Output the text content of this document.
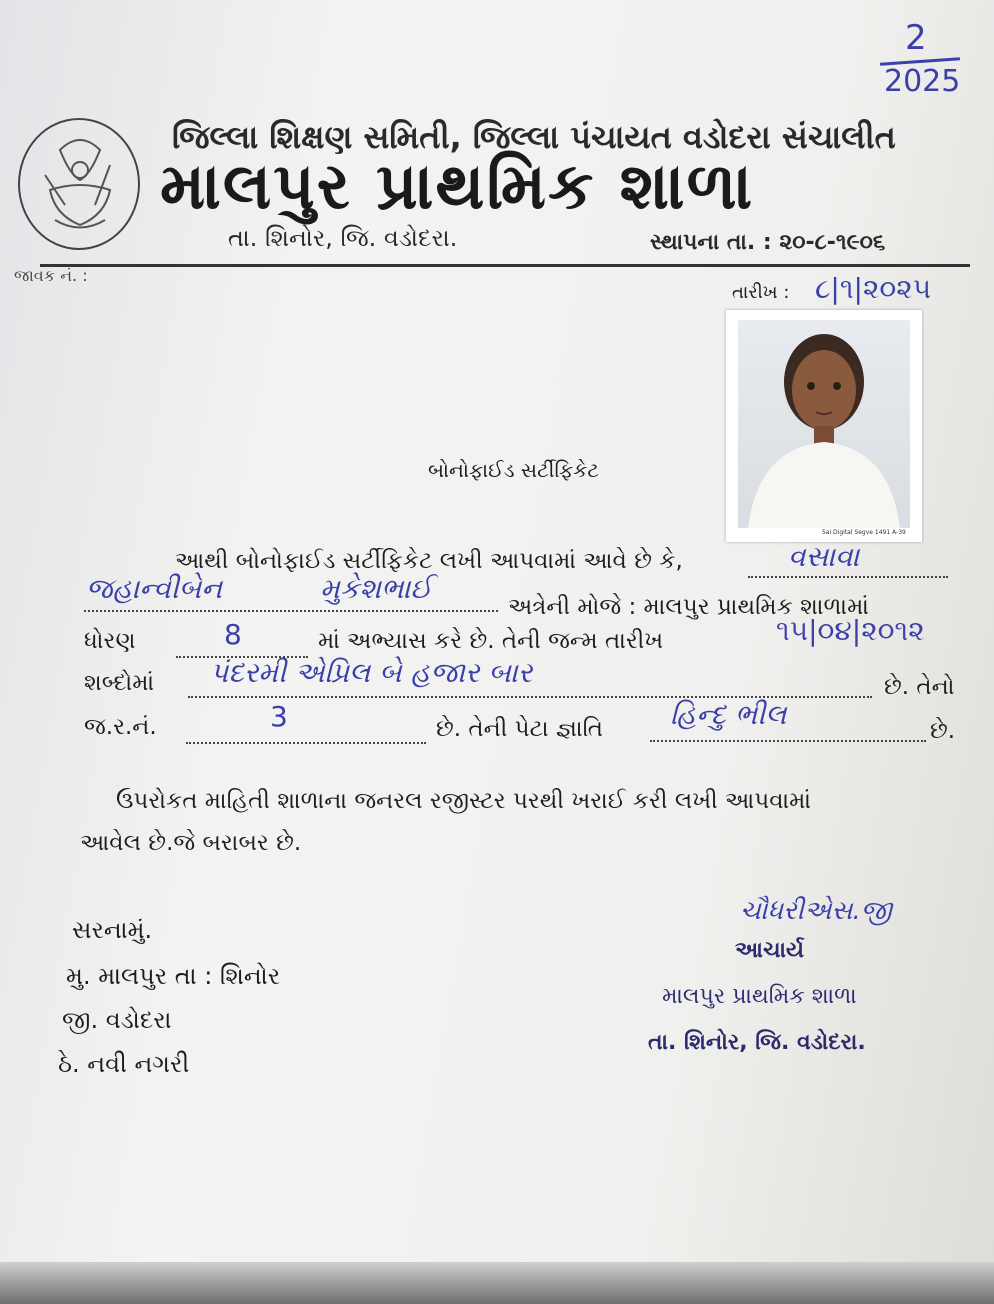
2
2025
જિલ્લા શિક્ષણ સમિતી, જિલ્લા પંચાયત વડોદરા સંચાલીત
માલપુર પ્રાથમિક શાળા
તા. શિનોર, જિ. વડોદરા.	સ્થાપના તા. : ૨૦-૮-૧૯૦૬
જાવક નં. :
તારીખ : ૮|૧|૨૦૨૫
Sai Digital Segve 1491 A-39
બોનોફાઈડ સર્ટીફિકેટ
આથી બોનોફાઈડ સર્ટીફિકેટ લખી આપવામાં આવે છે કે,	વસાવા
જહાન્વીબેન	મુકેશભાઈ
અત્રેની મોજે : માલપુર પ્રાથમિક શાળામાં
ધોરણ	8	માં અભ્યાસ કરે છે. તેની જન્મ તારીખ	૧૫|૦૪|૨૦૧૨
શબ્દોમાં પંદરમી એપ્રિલ બે હજાર બાર	છે. તેનો
જ.ર.નં.	3	છે. તેની પેટા જ્ઞાતિ હિન્દુ ભીલ	છે.
ઉપરોકત માહિતી શાળાના જનરલ રજીસ્ટર પરથી ખરાઈ કરી લખી આપવામાં
આવેલ છે.જે બરાબર છે.
સરનામું.
મુ. માલપુર તા : શિનોર
જી. વડોદરા
ઠે. નવી નગરી
ચૌધરીએસ.જી
આચાર્ય
માલપુર પ્રાથમિક શાળા
તા. શિનોર, જિ. વડોદરા.
